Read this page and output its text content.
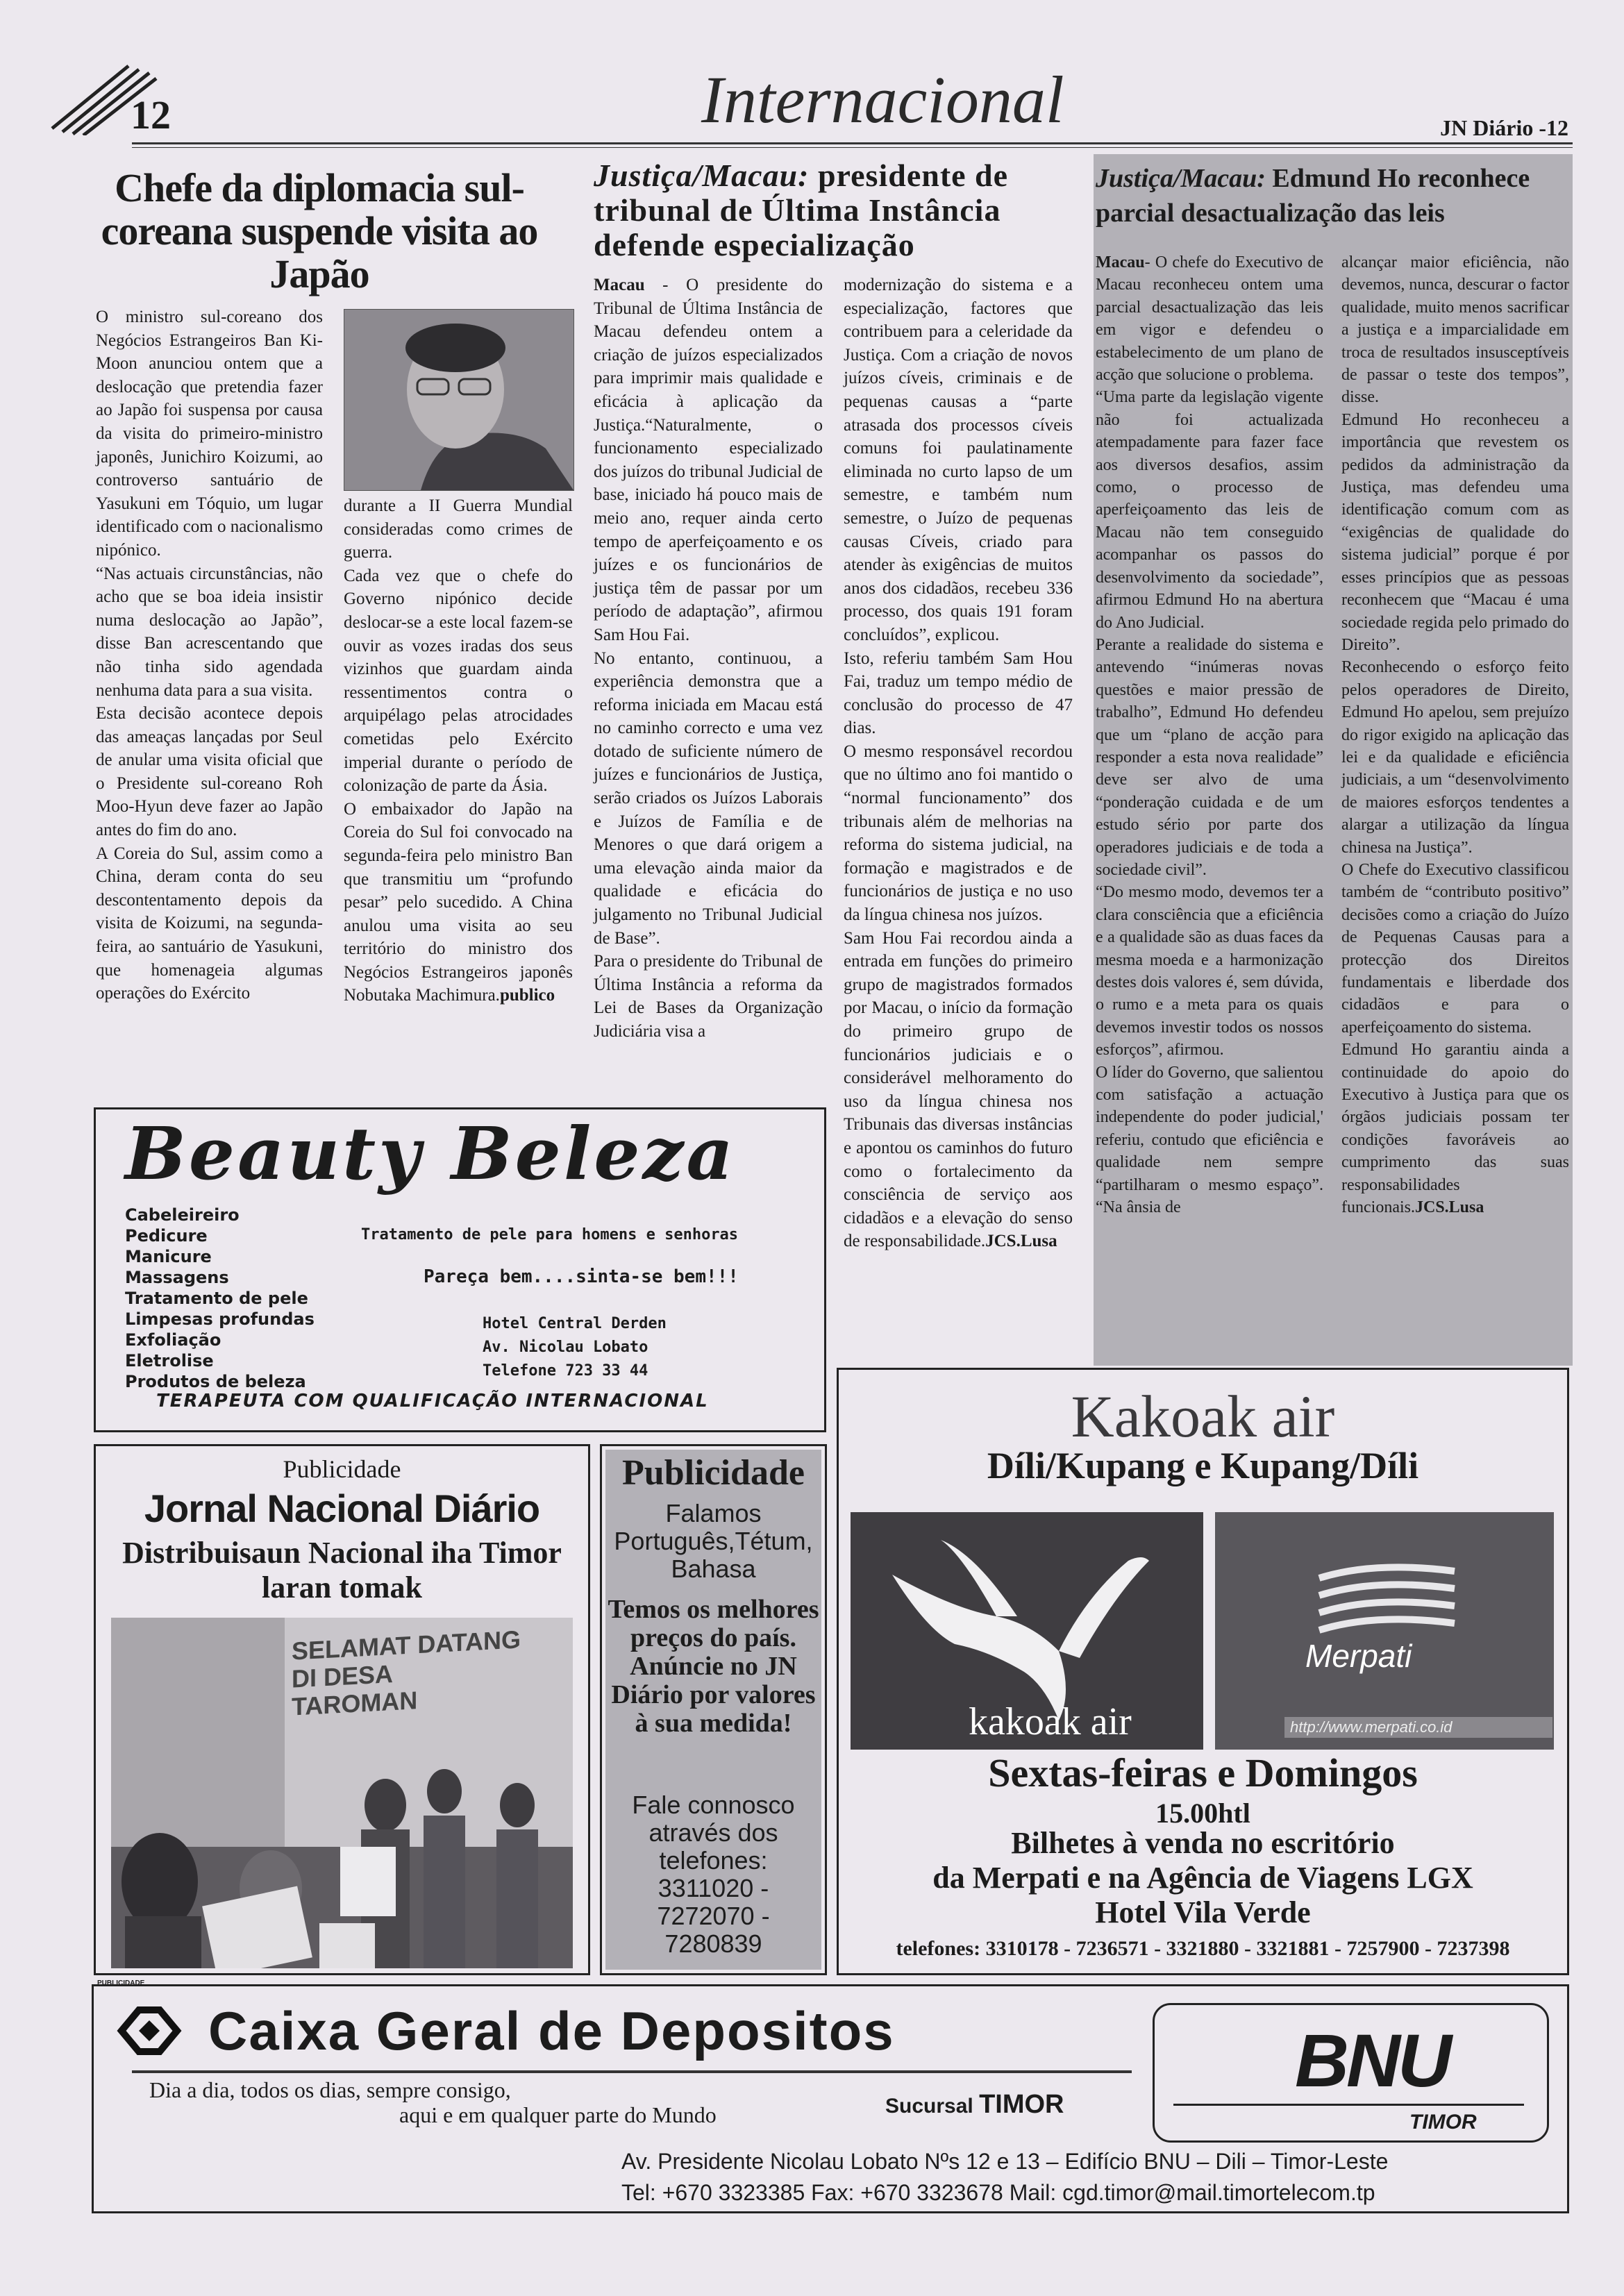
12	Internacional	JN Diário -12
Chefe da diplomacia sul-coreana suspende visita ao Japão
O ministro sul-coreano dos Negócios Estrangeiros Ban Ki-Moon anunciou ontem que a deslocação que pretendia fazer ao Japão foi suspensa por causa da visita do primeiro-ministro japonês, Junichiro Koizumi, ao controverso santuário de Yasukuni em Tóquio, um lugar identificado com o nacionalismo nipónico.
“Nas actuais circunstâncias, não acho que se boa ideia insistir numa deslocação ao Japão”, disse Ban acrescentando que não tinha sido agendada nenhuma data para a sua visita.
Esta decisão acontece depois das ameaças lançadas por Seul de anular uma visita oficial que o Presidente sul-coreano Roh Moo-Hyun deve fazer ao Japão antes do fim do ano.
A Coreia do Sul, assim como a China, deram conta do seu descontentamento depois da visita de Koizumi, na segunda-feira, ao santuário de Yasukuni, que homenageia algumas operações do Exército
durante a II Guerra Mundial consideradas como crimes de guerra.
Cada vez que o chefe do Governo nipónico decide deslocar-se a este local fazem-se ouvir as vozes iradas dos seus vizinhos que guardam ainda ressentimentos contra o arquipélago pelas atrocidades cometidas pelo Exército imperial durante o período de colonização de parte da Ásia.
O embaixador do Japão na Coreia do Sul foi convocado na segunda-feira pelo ministro Ban que transmitiu um “profundo pesar” pelo sucedido. A China anulou uma visita ao seu território do ministro dos Negócios Estrangeiros japonês Nobutaka Machimura.publico
Justiça/Macau: presidente de tribunal de Última Instância defende especialização
Macau - O presidente do Tribunal de Última Instância de Macau defendeu ontem a criação de juízos especializados para imprimir mais qualidade e eficácia à aplicação da Justiça.“Naturalmente, o funcionamento especializado dos juízos do tribunal Judicial de base, iniciado há pouco mais de meio ano, requer ainda certo tempo de aperfeiçoamento e os juízes e os funcionários de justiça têm de passar por um período de adaptação”, afirmou Sam Hou Fai.
No entanto, continuou, a experiência demonstra que a reforma iniciada em Macau está no caminho correcto e uma vez dotado de suficiente número de juízes e funcionários de Justiça, serão criados os Juízos Laborais e Juízos de Família e de Menores o que dará origem a uma elevação ainda maior da qualidade e eficácia do julgamento no Tribunal Judicial de Base”.
Para o presidente do Tribunal de Última Instância a reforma da Lei de Bases da Organização Judiciária visa a
modernização do sistema e a especialização, factores que contribuem para a celeridade da Justiça. Com a criação de novos juízos cíveis, criminais e de pequenas causas a “parte atrasada dos processos cíveis comuns foi paulatinamente eliminada no curto lapso de um semestre, e também num semestre, o Juízo de pequenas causas Cíveis, criado para atender às exigências de muitos anos dos cidadãos, recebeu 336 processo, dos quais 191 foram concluídos”, explicou.
Isto, referiu também Sam Hou Fai, traduz um tempo médio de conclusão do processo de 47 dias.
O mesmo responsável recordou que no último ano foi mantido o “normal funcionamento” dos tribunais além de melhorias na reforma do sistema judicial, na formação e magistrados e de funcionários de justiça e no uso da língua chinesa nos juízos.
Sam Hou Fai recordou ainda a entrada em funções do primeiro grupo de magistrados formados por Macau, o início da formação do primeiro grupo de funcionários judiciais e o considerável melhoramento do uso da língua chinesa nos Tribunais das diversas instâncias e apontou os caminhos do futuro como o fortalecimento da consciência de serviço aos cidadãos e a elevação do senso de responsabilidade.JCS.Lusa
Justiça/Macau: Edmund Ho reconhece parcial desactualização das leis
Macau- O chefe do Executivo de Macau reconheceu ontem uma parcial desactualização das leis em vigor e defendeu o estabelecimento de um plano de acção que solucione o problema.
“Uma parte da legislação vigente não foi actualizada atempadamente para fazer face aos diversos desafios, assim como, o processo de aperfeiçoamento das leis de Macau não tem conseguido acompanhar os passos do desenvolvimento da sociedade”, afirmou Edmund Ho na abertura do Ano Judicial.
Perante a realidade do sistema e antevendo “inúmeras novas questões e maior pressão de trabalho”, Edmund Ho defendeu que um “plano de acção para responder a esta nova realidade” deve ser alvo de uma “ponderação cuidada e de um estudo sério por parte dos operadores judiciais e de toda a sociedade civil”.
“Do mesmo modo, devemos ter a clara consciência que a eficiência e a qualidade são as duas faces da mesma moeda e a harmonização destes dois valores é, sem dúvida, o rumo e a meta para os quais devemos investir todos os nossos esforços”, afirmou.
O líder do Governo, que salientou com satisfação a actuação independente do poder judicial,' referiu, contudo que eficiência e qualidade nem sempre “partilharam o mesmo espaço”. “Na ânsia de
alcançar maior eficiência, não devemos, nunca, descurar o factor qualidade, muito menos sacrificar a justiça e a imparcialidade em troca de resultados insusceptíveis de passar o teste dos tempos”, disse.
Edmund Ho reconheceu a importância que revestem os pedidos da administração da Justiça, mas defendeu uma identificação comum com as “exigências de qualidade do sistema judicial” porque é por esses princípios que as pessoas reconhecem que “Macau é uma sociedade regida pelo primado do Direito”.
Reconhecendo o esforço feito pelos operadores de Direito, Edmund Ho apelou, sem prejuízo do rigor exigido na aplicação das lei e da qualidade e eficiência judiciais, a um “desenvolvimento de maiores esforços tendentes a alargar a utilização da língua chinesa na Justiça”.
O Chefe do Executivo classificou também de “contributo positivo” decisões como a criação do Juízo de Pequenas Causas para a protecção dos Direitos fundamentais e liberdade dos cidadãos e para o aperfeiçoamento do sistema.
Edmund Ho garantiu ainda a continuidade do apoio do Executivo à Justiça para que os órgãos judiciais possam ter condições favoráveis ao cumprimento das suas responsabilidades funcionais.JCS.Lusa
Beauty Beleza
Cabeleireiro
Pedicure
Manicure
Massagens
Tratamento de pele
Limpesas profundas
Exfoliação
Eletrolise
Produtos de beleza
Tratamento de pele para homens e senhoras
Pareça bem....sinta-se bem!!!
Hotel Central Derden
Av. Nicolau Lobato
Telefone 723 33 44
TERAPEUTA COM QUALIFICAÇÃO INTERNACIONAL
Publicidade
Jornal Nacional Diário
Distribuisaun Nacional iha Timor laran tomak
SELAMAT DATANG
DI DESA
TAROMAN
Publicidade
Falamos Português,Tétum, Bahasa
Temos os melhores preços do país. Anúncie no JN Diário por valores à sua medida!
Fale connosco através dos telefones:
3311020 -
7272070 -
7280839
Kakoak air
Díli/Kupang e Kupang/Díli
kakoak air
Merpati
http://www.merpati.co.id
Sextas-feiras e Domingos
15.00htl
Bilhetes à venda no escritório
da Merpati e na Agência de Viagens LGX
Hotel Vila Verde
telefones: 3310178 - 7236571 - 3321880 - 3321881 - 7257900 - 7237398
PUBLICIDADE
Caixa Geral de Depositos
Dia a dia, todos os dias, sempre consigo,
aqui e em qualquer parte do Mundo	Sucursal TIMOR
BNU
TIMOR
Av. Presidente Nicolau Lobato Nºs 12 e 13 – Edifício BNU – Dili – Timor-Leste
Tel: +670 3323385 Fax: +670 3323678 Mail: cgd.timor@mail.timortelecom.tp
